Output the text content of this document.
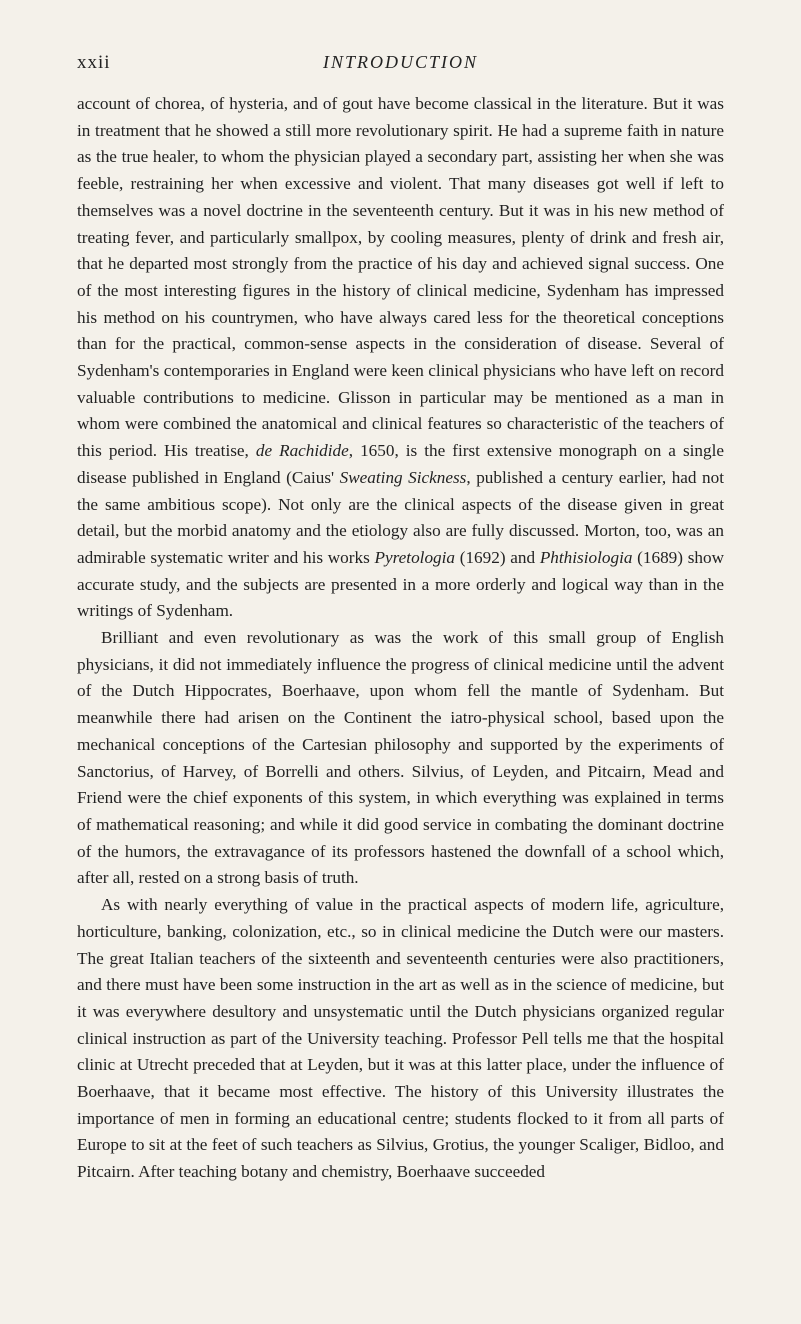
xxii	INTRODUCTION

account of chorea, of hysteria, and of gout have become classical in the literature. But it was in treatment that he showed a still more revolutionary spirit. He had a supreme faith in nature as the true healer, to whom the physician played a secondary part, assisting her when she was feeble, restraining her when excessive and violent. That many diseases got well if left to themselves was a novel doctrine in the seventeenth century. But it was in his new method of treating fever, and particularly smallpox, by cooling measures, plenty of drink and fresh air, that he departed most strongly from the practice of his day and achieved signal success. One of the most interesting figures in the history of clinical medicine, Sydenham has impressed his method on his countrymen, who have always cared less for the theoretical conceptions than for the practical, common-sense aspects in the consideration of disease. Several of Sydenham's contemporaries in England were keen clinical physicians who have left on record valuable contributions to medicine. Glisson in particular may be mentioned as a man in whom were combined the anatomical and clinical features so characteristic of the teachers of this period. His treatise, de Rachidide, 1650, is the first extensive monograph on a single disease published in England (Caius' Sweating Sickness, published a century earlier, had not the same ambitious scope). Not only are the clinical aspects of the disease given in great detail, but the morbid anatomy and the etiology also are fully discussed. Morton, too, was an admirable systematic writer and his works Pyretologia (1692) and Phthisiologia (1689) show accurate study, and the subjects are presented in a more orderly and logical way than in the writings of Sydenham.

Brilliant and even revolutionary as was the work of this small group of English physicians, it did not immediately influence the progress of clinical medicine until the advent of the Dutch Hippocrates, Boerhaave, upon whom fell the mantle of Sydenham. But meanwhile there had arisen on the Continent the iatro-physical school, based upon the mechanical conceptions of the Cartesian philosophy and supported by the experiments of Sanctorius, of Harvey, of Borrelli and others. Silvius, of Leyden, and Pitcairn, Mead and Friend were the chief exponents of this system, in which everything was explained in terms of mathematical reasoning; and while it did good service in combating the dominant doctrine of the humors, the extravagance of its professors hastened the downfall of a school which, after all, rested on a strong basis of truth.

As with nearly everything of value in the practical aspects of modern life, agriculture, horticulture, banking, colonization, etc., so in clinical medicine the Dutch were our masters. The great Italian teachers of the sixteenth and seventeenth centuries were also practitioners, and there must have been some instruction in the art as well as in the science of medicine, but it was everywhere desultory and unsystematic until the Dutch physicians organized regular clinical instruction as part of the University teaching. Professor Pell tells me that the hospital clinic at Utrecht preceded that at Leyden, but it was at this latter place, under the influence of Boerhaave, that it became most effective. The history of this University illustrates the importance of men in forming an educational centre; students flocked to it from all parts of Europe to sit at the feet of such teachers as Silvius, Grotius, the younger Scaliger, Bidloo, and Pitcairn. After teaching botany and chemistry, Boerhaave succeeded
